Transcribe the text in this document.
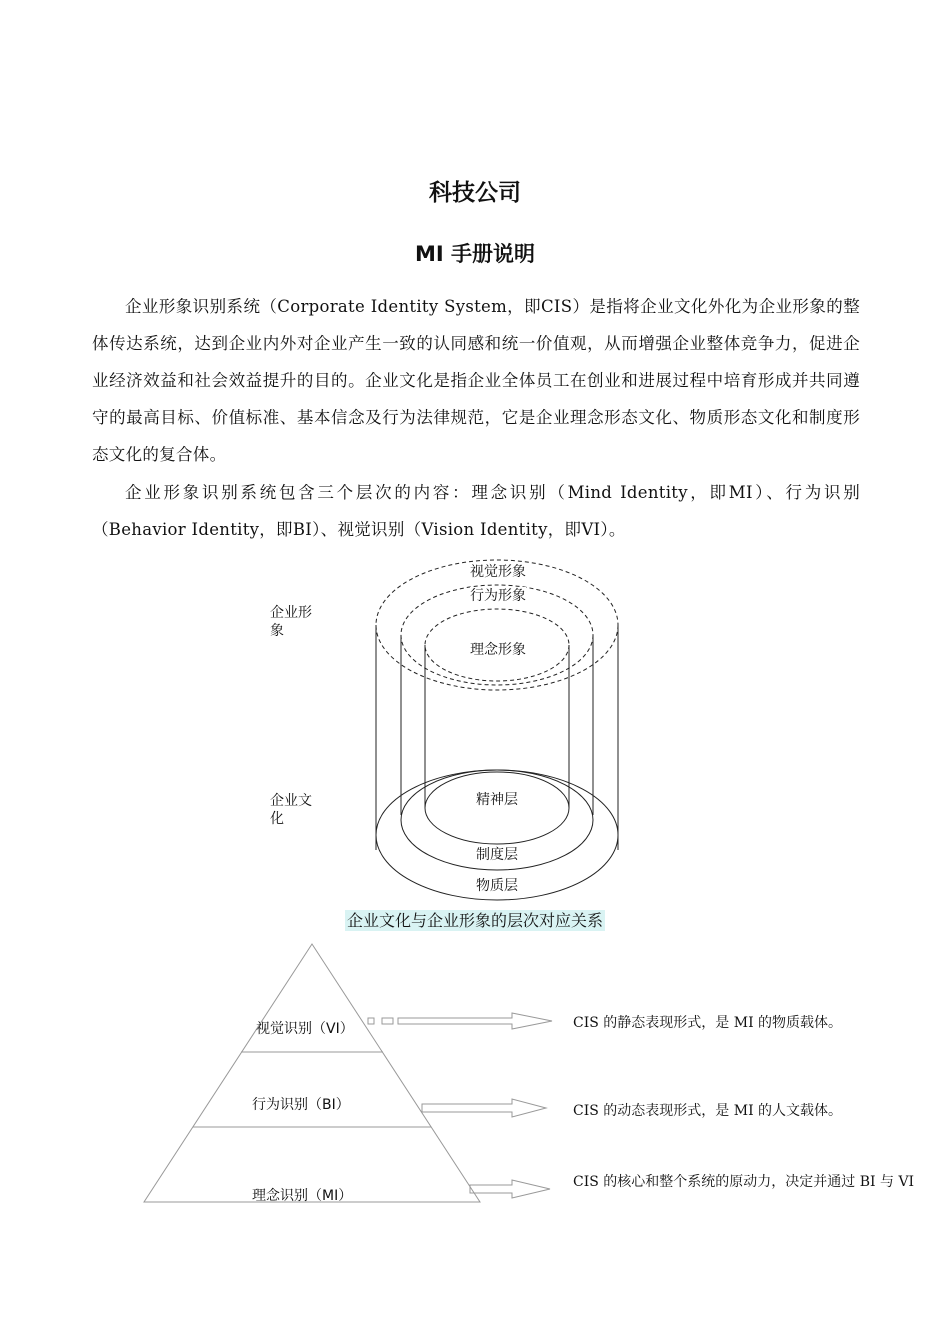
科技公司
MI 手册说明
企业形象识别系统（Corporate Identity System，即CIS）是指将企业文化外化为企业形象的整体传达系统，达到企业内外对企业产生一致的认同感和统一价值观，从而增强企业整体竞争力，促进企业经济效益和社会效益提升的目的。企业文化是指企业全体员工在创业和进展过程中培育形成并共同遵守的最高目标、价值标准、基本信念及行为法律规范，它是企业理念形态文化、物质形态文化和制度形态文化的复合体。
企业形象识别系统包含三个层次的内容：理念识别（Mind Identity，即MI）、行为识别（Behavior Identity，即BI）、视觉识别（Vision Identity，即VI）。
企业形象
企业文化
视觉形象
行为形象
理念形象
精神层
制度层
物质层
企业文化与企业形象的层次对应关系
视觉识别（VI）
行为识别（BI）
理念识别（MI）
CIS 的静态表现形式，是 MI 的物质载体。
CIS 的动态表现形式，是 MI 的人文载体。
CIS 的核心和整个系统的原动力，决定并通过 BI 与 VI
